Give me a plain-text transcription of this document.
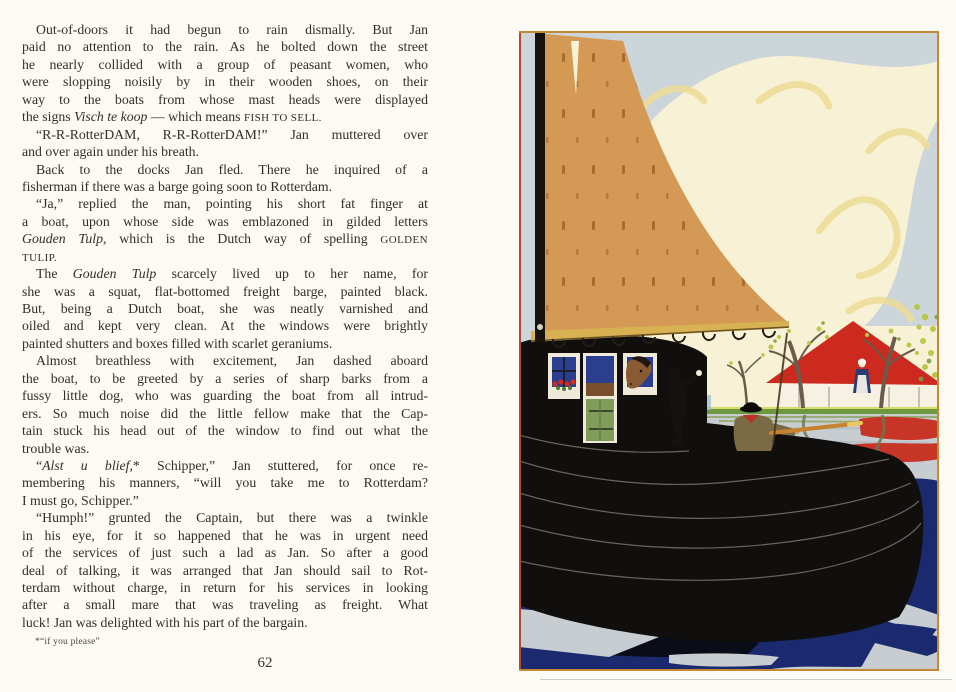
Out-of-doors it had begun to rain dismally. But Jan
paid no attention to the rain. As he bolted down the street
he nearly collided with a group of peasant women, who
were slopping noisily by in their wooden shoes, on their
way to the boats from whose mast heads were displayed
the signs Visch te koop — which means FISH TO SELL.
“R-R-RotterDAM, R-R-RotterDAM!” Jan muttered over
and over again under his breath.
Back to the docks Jan fled. There he inquired of a
fisherman if there was a barge going soon to Rotterdam.
“Ja,” replied the man, pointing his short fat finger at
a boat, upon whose side was emblazoned in gilded letters
Gouden Tulp, which is the Dutch way of spelling GOLDEN
TULIP.
The Gouden Tulp scarcely lived up to her name, for
she was a squat, flat-bottomed freight barge, painted black.
But, being a Dutch boat, she was neatly varnished and
oiled and kept very clean. At the windows were brightly
painted shutters and boxes filled with scarlet geraniums.
Almost breathless with excitement, Jan dashed aboard
the boat, to be greeted by a series of sharp barks from a
fussy little dog, who was guarding the boat from all intrud-
ers. So much noise did the little fellow make that the Cap-
tain stuck his head out of the window to find out what the
trouble was.
“Alst u blief,* Schipper,” Jan stuttered, for once re-
membering his manners, “will you take me to Rotterdam?
I must go, Schipper.”
“Humph!” grunted the Captain, but there was a twinkle
in his eye, for it so happened that he was in urgent need
of the services of just such a lad as Jan. So after a good
deal of talking, it was arranged that Jan should sail to Rot-
terdam without charge, in return for his services in looking
after a small mare that was traveling as freight. What
luck! Jan was delighted with his part of the bargain.
*“if you please”
62
